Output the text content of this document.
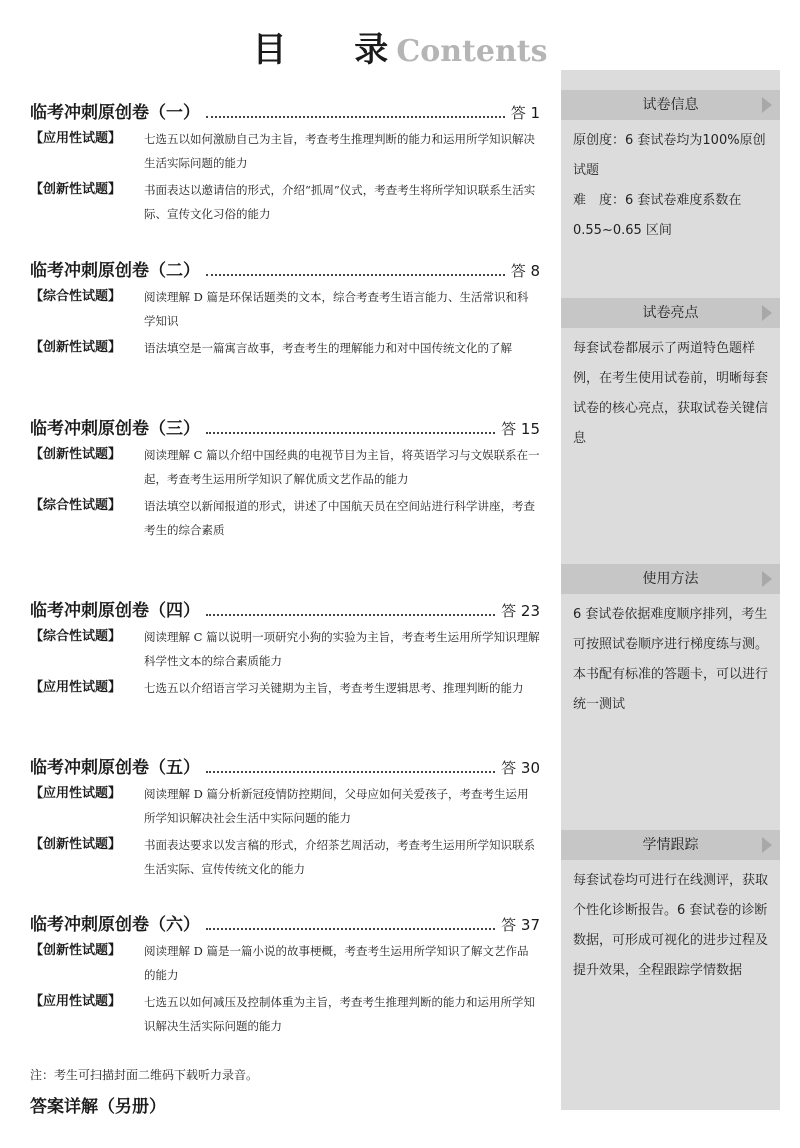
目 录Contents
临考冲刺原创卷（一）	答 1
【应用性试题】	七选五以如何激励自己为主旨，考查考生推理判断的能力和运用所学知识解决生活实际问题的能力
【创新性试题】	书面表达以邀请信的形式，介绍“抓周”仪式，考查考生将所学知识联系生活实际、宣传文化习俗的能力
临考冲刺原创卷（二）	答 8
【综合性试题】	阅读理解 D 篇是环保话题类的文本，综合考查考生语言能力、生活常识和科学知识
【创新性试题】	语法填空是一篇寓言故事，考查考生的理解能力和对中国传统文化的了解
临考冲刺原创卷（三）	答 15
【创新性试题】	阅读理解 C 篇以介绍中国经典的电视节目为主旨，将英语学习与文娱联系在一起，考查考生运用所学知识了解优质文艺作品的能力
【综合性试题】	语法填空以新闻报道的形式，讲述了中国航天员在空间站进行科学讲座，考查考生的综合素质
临考冲刺原创卷（四）	答 23
【综合性试题】	阅读理解 C 篇以说明一项研究小狗的实验为主旨，考查考生运用所学知识理解科学性文本的综合素质能力
【应用性试题】	七选五以介绍语言学习关键期为主旨，考查考生逻辑思考、推理判断的能力
临考冲刺原创卷（五）	答 30
【应用性试题】	阅读理解 D 篇分析新冠疫情防控期间，父母应如何关爱孩子，考查考生运用所学知识解决社会生活中实际问题的能力
【创新性试题】	书面表达要求以发言稿的形式，介绍茶艺周活动，考查考生运用所学知识联系生活实际、宣传传统文化的能力
临考冲刺原创卷（六）	答 37
【创新性试题】	阅读理解 D 篇是一篇小说的故事梗概，考查考生运用所学知识了解文艺作品的能力
【应用性试题】	七选五以如何减压及控制体重为主旨，考查考生推理判断的能力和运用所学知识解决生活实际问题的能力
试卷信息
原创度：6 套试卷均为100%原创试题
难　度：6 套试卷难度系数在 0.55~0.65 区间
试卷亮点
每套试卷都展示了两道特色题样例，在考生使用试卷前，明晰每套试卷的核心亮点，获取试卷关键信息
使用方法
6 套试卷依据难度顺序排列，考生可按照试卷顺序进行梯度练与测。本书配有标准的答题卡，可以进行统一测试
学情跟踪
每套试卷均可进行在线测评，获取个性化诊断报告。6 套试卷的诊断数据，可形成可视化的进步过程及提升效果，全程跟踪学情数据
注：考生可扫描封面二维码下载听力录音。
答案详解（另册）
